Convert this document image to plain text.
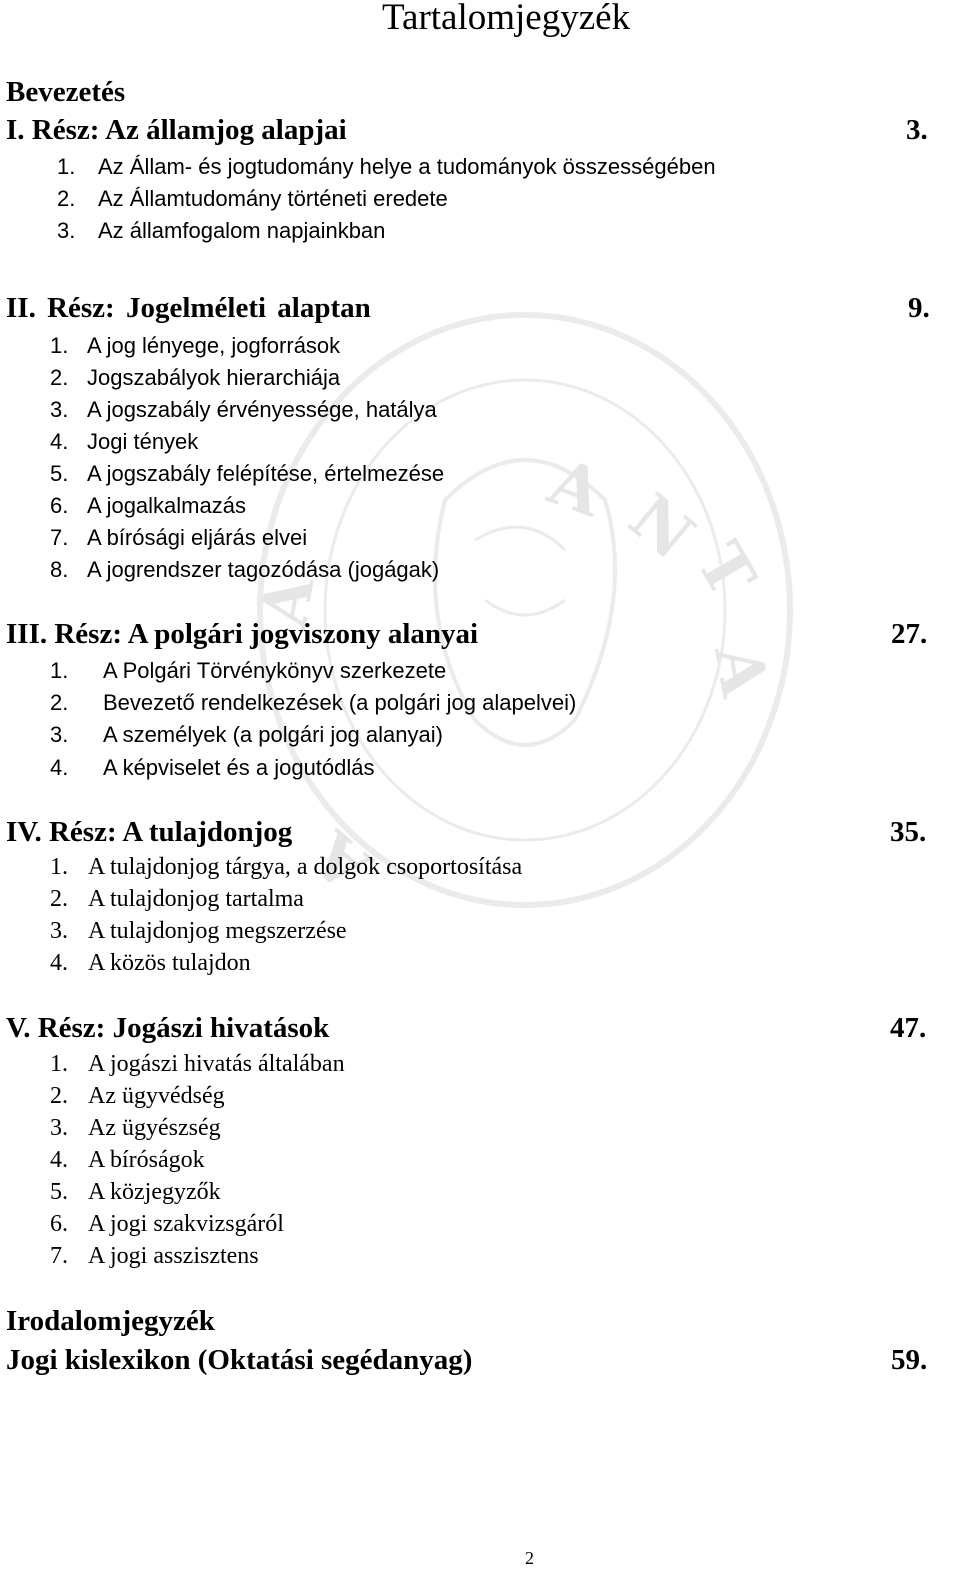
T
A
A N
A
A
Tartalomjegyzék
Bevezetés
I. Rész: Az államjog alapjai	3.
1. Az Állam- és jogtudomány helye a tudományok összességében
2. Az Államtudomány történeti eredete
3. Az államfogalom napjainkban
II. Rész: Jogelméleti alaptan	9.
1. A jog lényege, jogforrások
2. Jogszabályok hierarchiája
3. A jogszabály érvényessége, hatálya
4. Jogi tények
5. A jogszabály felépítése, értelmezése
6. A jogalkalmazás
7. A bírósági eljárás elvei
8. A jogrendszer tagozódása (jogágak)
III. Rész: A polgári jogviszony alanyai	27.
1. A Polgári Törvénykönyv szerkezete
2. Bevezető rendelkezések (a polgári jog alapelvei)
3. A személyek (a polgári jog alanyai)
4. A képviselet és a jogutódlás
IV. Rész: A tulajdonjog	35.
1. A tulajdonjog tárgya, a dolgok csoportosítása
2. A tulajdonjog tartalma
3. A tulajdonjog megszerzése
4. A közös tulajdon
V. Rész: Jogászi hivatások	47.
1. A jogászi hivatás általában
2. Az ügyvédség
3. Az ügyészség
4. A bíróságok
5. A közjegyzők
6. A jogi szakvizsgáról
7. A jogi asszisztens
Irodalomjegyzék
Jogi kislexikon (Oktatási segédanyag)	59.
2
